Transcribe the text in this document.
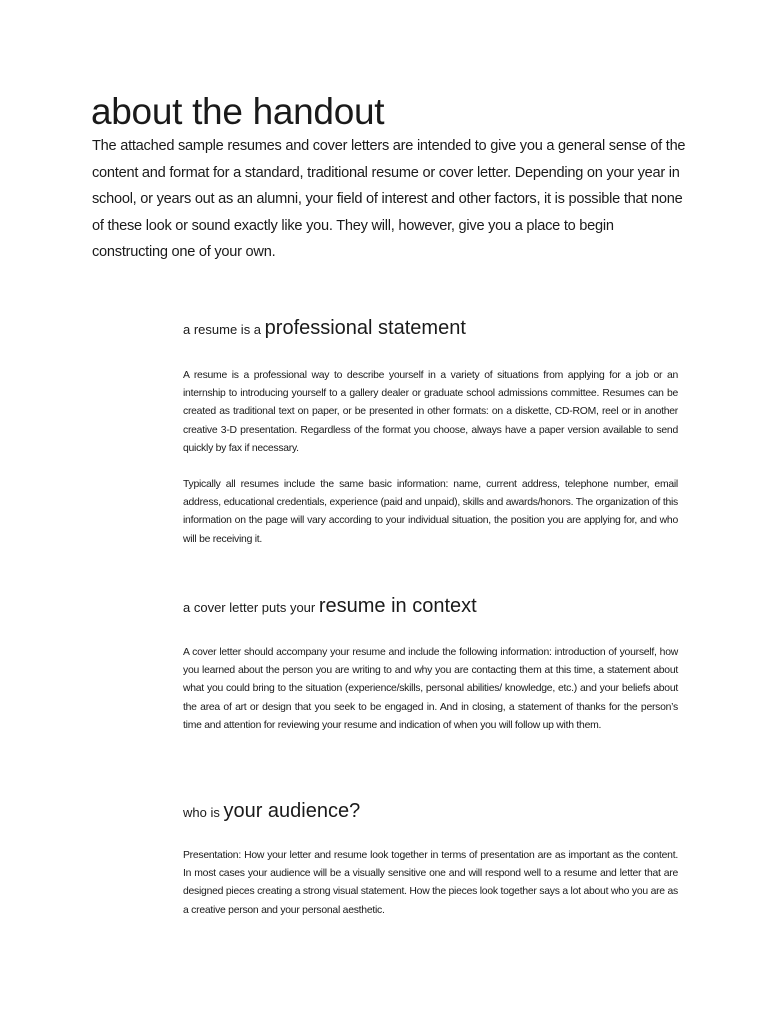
about the handout

The attached sample resumes and cover letters are intended to give you a general sense of the content and format for a standard, traditional resume or cover letter. Depending on your year in school, or years out as an alumni, your field of interest and other factors, it is possible that none of these look or sound exactly like you. They will, however, give you a place to begin constructing one of your own.

a resume is a professional statement

A resume is a professional way to describe yourself in a variety of situations from applying for a job or an internship to introducing yourself to a gallery dealer or graduate school admissions committee. Resumes can be created as traditional text on paper, or be presented in other formats: on a diskette, CD-ROM, reel or in another creative 3-D presentation. Regardless of the format you choose, always have a paper version available to send quickly by fax if necessary.

Typically all resumes include the same basic information: name, current address, telephone number, email address, educational credentials, experience (paid and unpaid), skills and awards/honors. The organization of this information on the page will vary according to your individual situation, the position you are applying for, and who will be receiving it.

a cover letter puts your resume in context

A cover letter should accompany your resume and include the following information: introduction of yourself, how you learned about the person you are writing to and why you are contacting them at this time, a statement about what you could bring to the situation (experience/skills, personal abilities/ knowledge, etc.) and your beliefs about the area of art or design that you seek to be engaged in. And in closing, a statement of thanks for the person’s time and attention for reviewing your resume and indication of when you will follow up with them.

who is your audience?

Presentation: How your letter and resume look together in terms of presentation are as important as the content. In most cases your audience will be a visually sensitive one and will respond well to a resume and letter that are designed pieces creating a strong visual statement. How the pieces look together says a lot about who you are as a creative person and your personal aesthetic.
